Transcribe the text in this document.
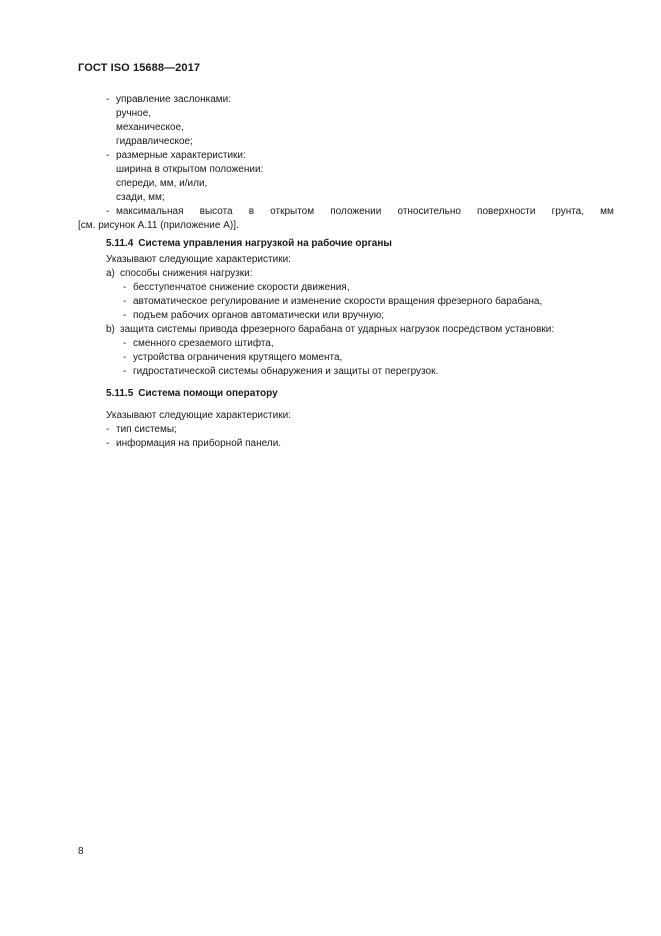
ГОСТ ISO 15688—2017
- управление заслонками:
ручное,
механическое,
гидравлическое;
- размерные характеристики:
ширина в открытом положении:
спереди, мм, и/или,
сзади, мм;
- максимальная высота в открытом положении относительно поверхности грунта, мм
[см. рисунок А.11 (приложение А)].
5.11.4 Система управления нагрузкой на рабочие органы
Указывают следующие характеристики:
a) способы снижения нагрузки:
- бесступенчатое снижение скорости движения,
- автоматическое регулирование и изменение скорости вращения фрезерного барабана,
- подъем рабочих органов автоматически или вручную;
b) защита системы привода фрезерного барабана от ударных нагрузок посредством установки:
- сменного срезаемого штифта,
- устройства ограничения крутящего момента,
- гидростатической системы обнаружения и защиты от перегрузок.
5.11.5 Система помощи оператору
Указывают следующие характеристики:
- тип системы;
- информация на приборной панели.
8
